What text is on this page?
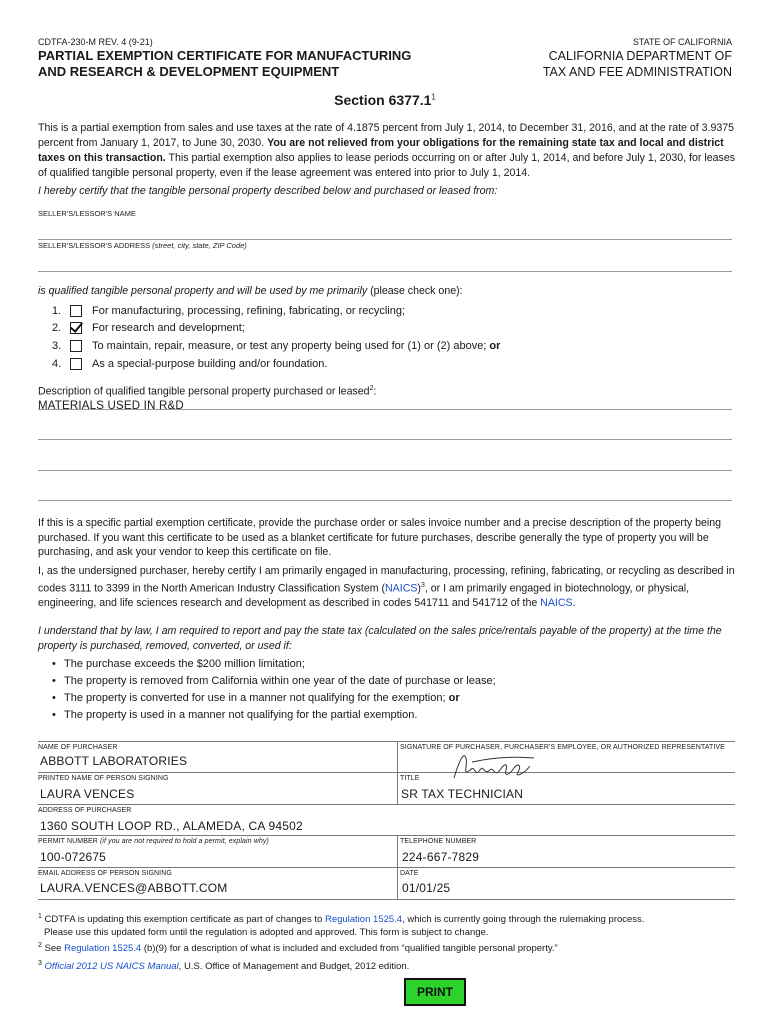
CDTFA-230-M REV. 4 (9-21)
PARTIAL EXEMPTION CERTIFICATE FOR MANUFACTURING
AND RESEARCH & DEVELOPMENT EQUIPMENT
STATE OF CALIFORNIA
CALIFORNIA DEPARTMENT OF
TAX AND FEE ADMINISTRATION
Section 6377.1$^1$
This is a partial exemption from sales and use taxes at the rate of 4.1875 percent from July 1, 2014, to December 31, 2016, and at the rate of 3.9375 percent from January 1, 2017, to June 30, 2030. You are not relieved from your obligations for the remaining state tax and local and district taxes on this transaction. This partial exemption also applies to lease periods occurring on or after July 1, 2014, and before July 1, 2030, for leases of qualified tangible personal property, even if the lease agreement was entered into prior to July 1, 2014.
I hereby certify that the tangible personal property described below and purchased or leased from:
SELLER'S/LESSOR'S NAME
SELLER'S/LESSOR'S ADDRESS (street, city, state, ZIP Code)
is qualified tangible personal property and will be used by me primarily (please check one):
1.	For manufacturing, processing, refining, fabricating, or recycling;
2.	For research and development;
3.	To maintain, repair, measure, or test any property being used for (1) or (2) above; or
4.	As a special-purpose building and/or foundation.
Description of qualified tangible personal property purchased or leased$^2$:
MATERIALS USED IN R&D
If this is a specific partial exemption certificate, provide the purchase order or sales invoice number and a precise description of the property being purchased. If you want this certificate to be used as a blanket certificate for future purchases, describe generally the type of property you will be purchasing, and ask your vendor to keep this certificate on file.
I, as the undersigned purchaser, hereby certify I am primarily engaged in manufacturing, processing, refining, fabricating, or recycling as described in codes 3111 to 3399 in the North American Industry Classification System (NAICS)$^3$, or I am primarily engaged in biotechnology, or physical, engineering, and life sciences research and development as described in codes 541711 and 541712 of the NAICS.
I understand that by law, I am required to report and pay the state tax (calculated on the sales price/rentals payable of the property) at the time the property is purchased, removed, converted, or used if:
• The purchase exceeds the $200 million limitation;
• The property is removed from California within one year of the date of purchase or lease;
• The property is converted for use in a manner not qualifying for the exemption; or
• The property is used in a manner not qualifying for the partial exemption.
NAME OF PURCHASER
ABBOTT LABORATORIES
SIGNATURE OF PURCHASER, PURCHASER'S EMPLOYEE, OR AUTHORIZED REPRESENTATIVE
PRINTED NAME OF PERSON SIGNING
LAURA VENCES
TITLE
SR TAX TECHNICIAN
ADDRESS OF PURCHASER
1360 SOUTH LOOP RD., ALAMEDA, CA 94502
PERMIT NUMBER (if you are not required to hold a permit, explain why)
100-072675
TELEPHONE NUMBER
224-667-7829
EMAIL ADDRESS OF PERSON SIGNING
LAURA.VENCES@ABBOTT.COM
DATE
01/01/25
$^1$ CDTFA is updating this exemption certificate as part of changes to Regulation 1525.4, which is currently going through the rulemaking process.
Please use this updated form until the regulation is adopted and approved. This form is subject to change.
$^2$ See Regulation 1525.4 (b)(9) for a description of what is included and excluded from “qualified tangible personal property.”
$^3$ Official 2012 US NAICS Manual, U.S. Office of Management and Budget, 2012 edition.
PRINT
